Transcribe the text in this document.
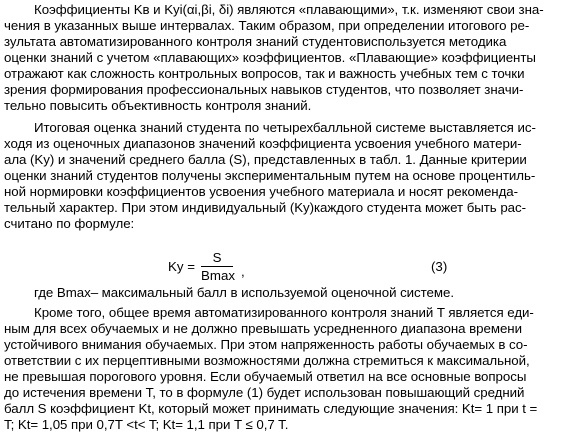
Коэффициенты Kв и Kуi(αi,βi, δi) являются «плавающими», т.к. изменяют свои зна-
чения в указанных выше интервалах. Таким образом, при определении итогового ре-
зультата автоматизированного контроля знаний студентовиспользуется методика
оценки знаний с учетом «плавающих» коэффициентов. «Плавающие» коэффициенты
отражают как сложность контрольных вопросов, так и важность учебных тем с точки
зрения формирования профессиональных навыков студентов, что позволяет значи-
тельно повысить объективность контроля знаний.
Итоговая оценка знаний студента по четырехбалльной системе выставляется ис-
ходя из оценочных диапазонов значений коэффициента усвоения учебного матери-
ала (Kу) и значений среднего балла (S), представленных в табл. 1. Данные критерии
оценки знаний студентов получены экспериментальным путем на основе процентиль-
ной нормировки коэффициентов усвоения учебного материала и носят рекоменда-
тельный характер. При этом индивидуальный (Kу)каждого студента может быть рас-
считано по формуле:
Kу =
S
Bmax ,	(3)
где Bmax– максимальный балл в используемой оценочной системе.
Кроме того, общее время автоматизированного контроля знаний T является еди-
ным для всех обучаемых и не должно превышать усредненного диапазона времени
устойчивого внимания обучаемых. При этом напряженность работы обучаемых в со-
ответствии с их перцептивными возможностями должна стремиться к максимальной,
не превышая порогового уровня. Если обучаемый ответил на все основные вопросы
до истечения времени T, то в формуле (1) будет использован повышающий средний
балл S коэффициент Kt, который может принимать следующие значения: Kt= 1 при t =
T; Kt= 1,05 при 0,7T <t< T; Kt= 1,1 при T ≤ 0,7 T.
